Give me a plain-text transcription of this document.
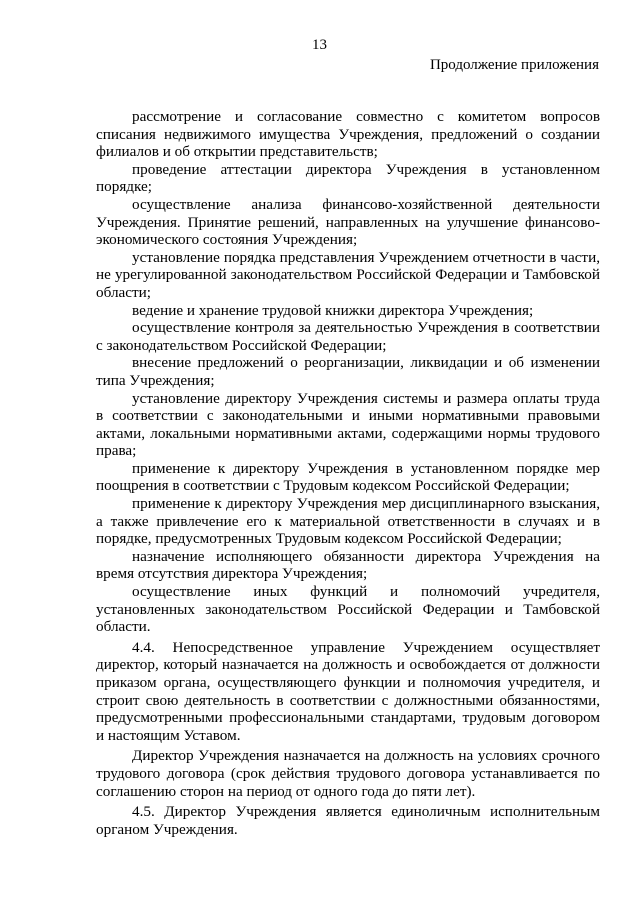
13
Продолжение приложения

рассмотрение и согласование совместно с комитетом вопросов списания недвижимого имущества Учреждения, предложений о создании филиалов и об открытии представительств;

проведение аттестации директора Учреждения в установленном порядке;

осуществление анализа финансово-хозяйственной деятельности Учреждения. Принятие решений, направленных на улучшение финансово-экономического состояния Учреждения;

установление порядка представления Учреждением отчетности в части, не урегулированной законодательством Российской Федерации и Тамбовской области;

ведение и хранение трудовой книжки директора Учреждения;

осуществление контроля за деятельностью Учреждения в соответствии с законодательством Российской Федерации;

внесение предложений о реорганизации, ликвидации и об изменении типа Учреждения;

установление директору Учреждения системы и размера оплаты труда в соответствии с законодательными и иными нормативными правовыми актами, локальными нормативными актами, содержащими нормы трудового права;

применение к директору Учреждения в установленном порядке мер поощрения в соответствии с Трудовым кодексом Российской Федерации;

применение к директору Учреждения мер дисциплинарного взыскания, а также привлечение его к материальной ответственности в случаях и в порядке, предусмотренных Трудовым кодексом Российской Федерации;

назначение исполняющего обязанности директора Учреждения на время отсутствия директора Учреждения;

осуществление иных функций и полномочий учредителя, установленных законодательством Российской Федерации и Тамбовской области.

4.4. Непосредственное управление Учреждением осуществляет директор, который назначается на должность и освобождается от должности приказом органа, осуществляющего функции и полномочия учредителя, и строит свою деятельность в соответствии с должностными обязанностями, предусмотренными профессиональными стандартами, трудовым договором и настоящим Уставом.

Директор Учреждения назначается на должность на условиях срочного трудового договора (срок действия трудового договора устанавливается по соглашению сторон на период от одного года до пяти лет).

4.5. Директор Учреждения является единоличным исполнительным органом Учреждения.
